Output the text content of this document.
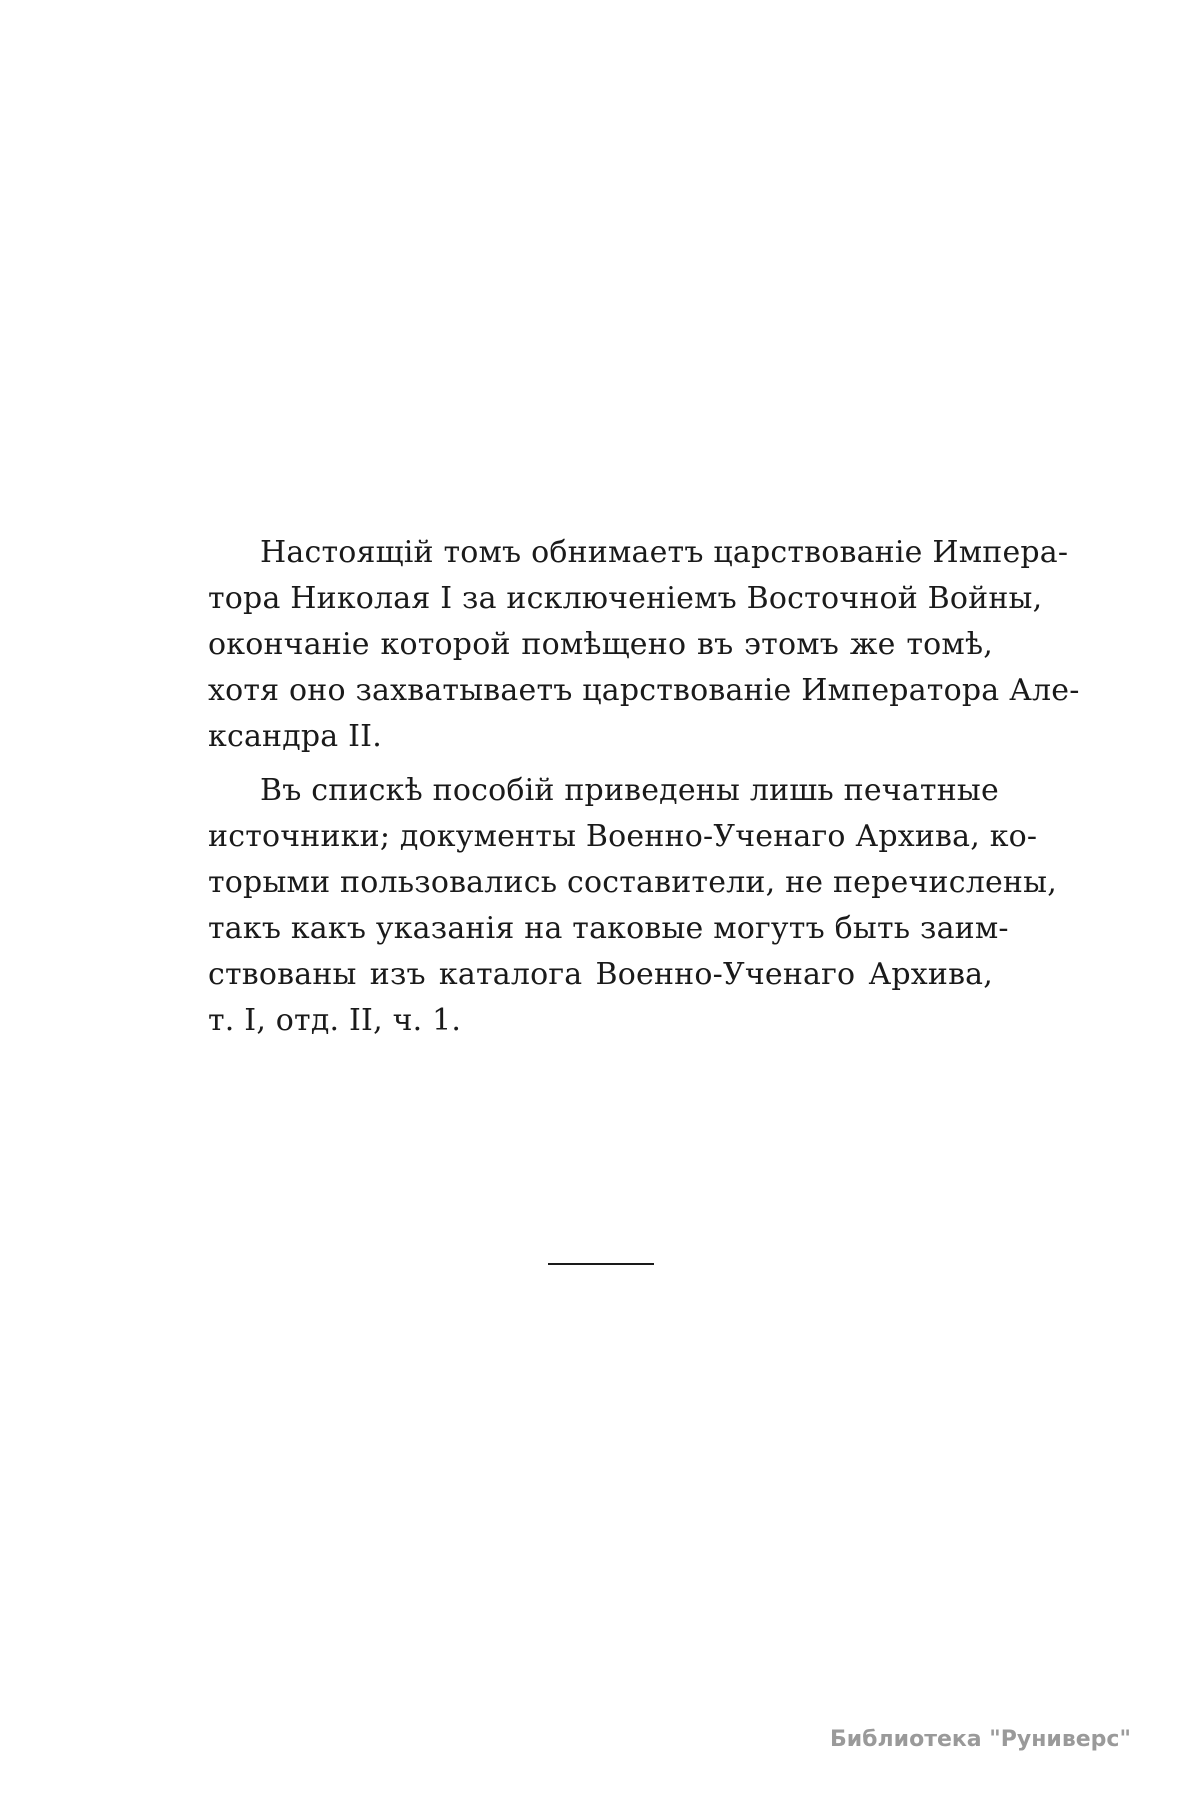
Настоящій томъ обнимаетъ царствованіе Импера-
тора Николая I за исключеніемъ Восточной Войны,
окончаніе которой помѣщено въ этомъ же томѣ,
хотя оно захватываетъ царствованіе Императора Але-
ксандра II.
Въ спискѣ пособій приведены лишь печатные
источники; документы Военно-Ученаго Архива, ко-
торыми пользовались составители, не перечислены,
такъ какъ указанія на таковые могутъ быть заим-
ствованы изъ каталога Военно-Ученаго Архива,
т. I, отд. II, ч. 1.
Библиотека "Руниверс"
